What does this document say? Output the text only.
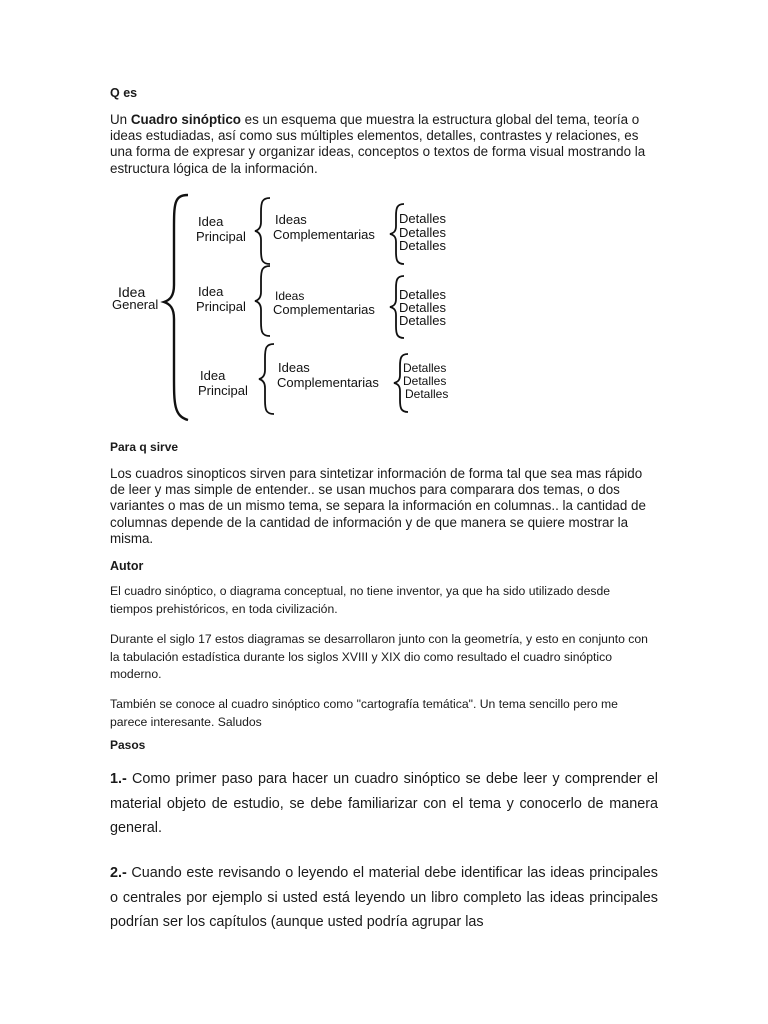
Q es

Un Cuadro sinóptico es un esquema que muestra la estructura global del tema, teoría o ideas estudiadas, así como sus múltiples elementos, detalles, contrastes y relaciones, es una forma de expresar y organizar ideas, conceptos o textos de forma visual mostrando la estructura lógica de la información.

Idea
General
Idea
Principal
Ideas
Complementarias
Detalles
Detalles
Detalles
Idea
Principal
Ideas
Complementarias
Detalles
Detalles
Detalles
Idea
Principal
Ideas
Complementarias
Detalles
Detalles
Detalles

Para q sirve

Los cuadros sinopticos sirven para sintetizar información de forma tal que sea mas rápido de leer y mas simple de entender.. se usan muchos para comparara dos temas, o dos variantes o mas de un mismo tema, se separa la información en columnas.. la cantidad de columnas depende de la cantidad de información y de que manera se quiere mostrar la misma.

Autor

El cuadro sinóptico, o diagrama conceptual, no tiene inventor, ya que ha sido utilizado desde tiempos prehistóricos, en toda civilización.

Durante el siglo 17 estos diagramas se desarrollaron junto con la geometría, y esto en conjunto con la tabulación estadística durante los siglos XVIII y XIX dio como resultado el cuadro sinóptico moderno.

También se conoce al cuadro sinóptico como "cartografía temática". Un tema sencillo pero me parece interesante. Saludos

Pasos

1.- Como primer paso para hacer un cuadro sinóptico se debe leer y comprender el material objeto de estudio, se debe familiarizar con el tema y conocerlo de manera general.

2.- Cuando este revisando o leyendo el material debe identificar las ideas principales o centrales por ejemplo si usted está leyendo un libro completo las ideas principales podrían ser los capítulos (aunque usted podría agrupar las
